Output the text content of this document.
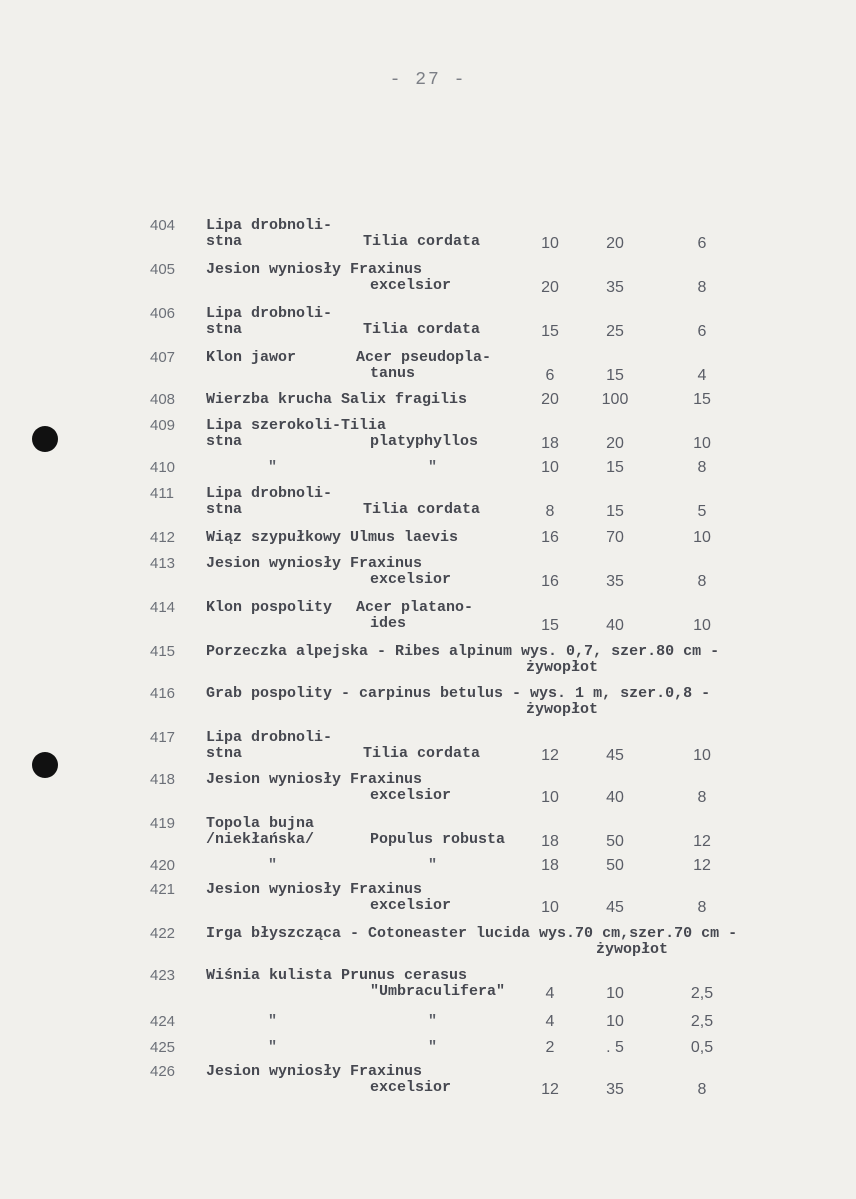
- 27 -
404 Lipa drobnoli-
stna	Tilia cordata	10	20	6
405 Jesion wyniosły Fraxinus
excelsior	20	35	8
406 Lipa drobnoli-
stna	Tilia cordata	15	25	6
407 Klon jawor	Acer pseudopla-
tanus	6	15	4
408 Wierzba krucha Salix fragilis	20	100	15
409 Lipa szerokoli-Tilia
stna	platyphyllos	18	20	10
410	"	"	10	15	8
411 Lipa drobnoli-
stna	Tilia cordata	8	15	5
412 Wiąz szypułkowy Ulmus laevis	16	70	10
413 Jesion wyniosły Fraxinus
excelsior	16	35	8
414 Klon pospolity Acer platano-
ides	15	40	10
415 Porzeczka alpejska - Ribes alpinum wys. 0,7, szer.80 cm -
żywopłot
416 Grab pospolity - carpinus betulus - wys. 1 m, szer.0,8 -
żywopłot
417 Lipa drobnoli-
stna	Tilia cordata	12	45	10
418 Jesion wyniosły Fraxinus
excelsior	10	40	8
419 Topola bujna
/niekłańska/	Populus robusta	18	50	12
420	"	"	18	50	12
421 Jesion wyniosły Fraxinus
excelsior	10	45	8
422 Irga błyszcząca - Cotoneaster lucida wys.70 cm,szer.70 cm -
żywopłot
423 Wiśnia kulista Prunus cerasus
"Umbraculifera"	4	10	2,5
424	"	"	4	10	2,5
425	"	"	2	. 5	0,5
426 Jesion wyniosły Fraxinus
excelsior	12	35	8
